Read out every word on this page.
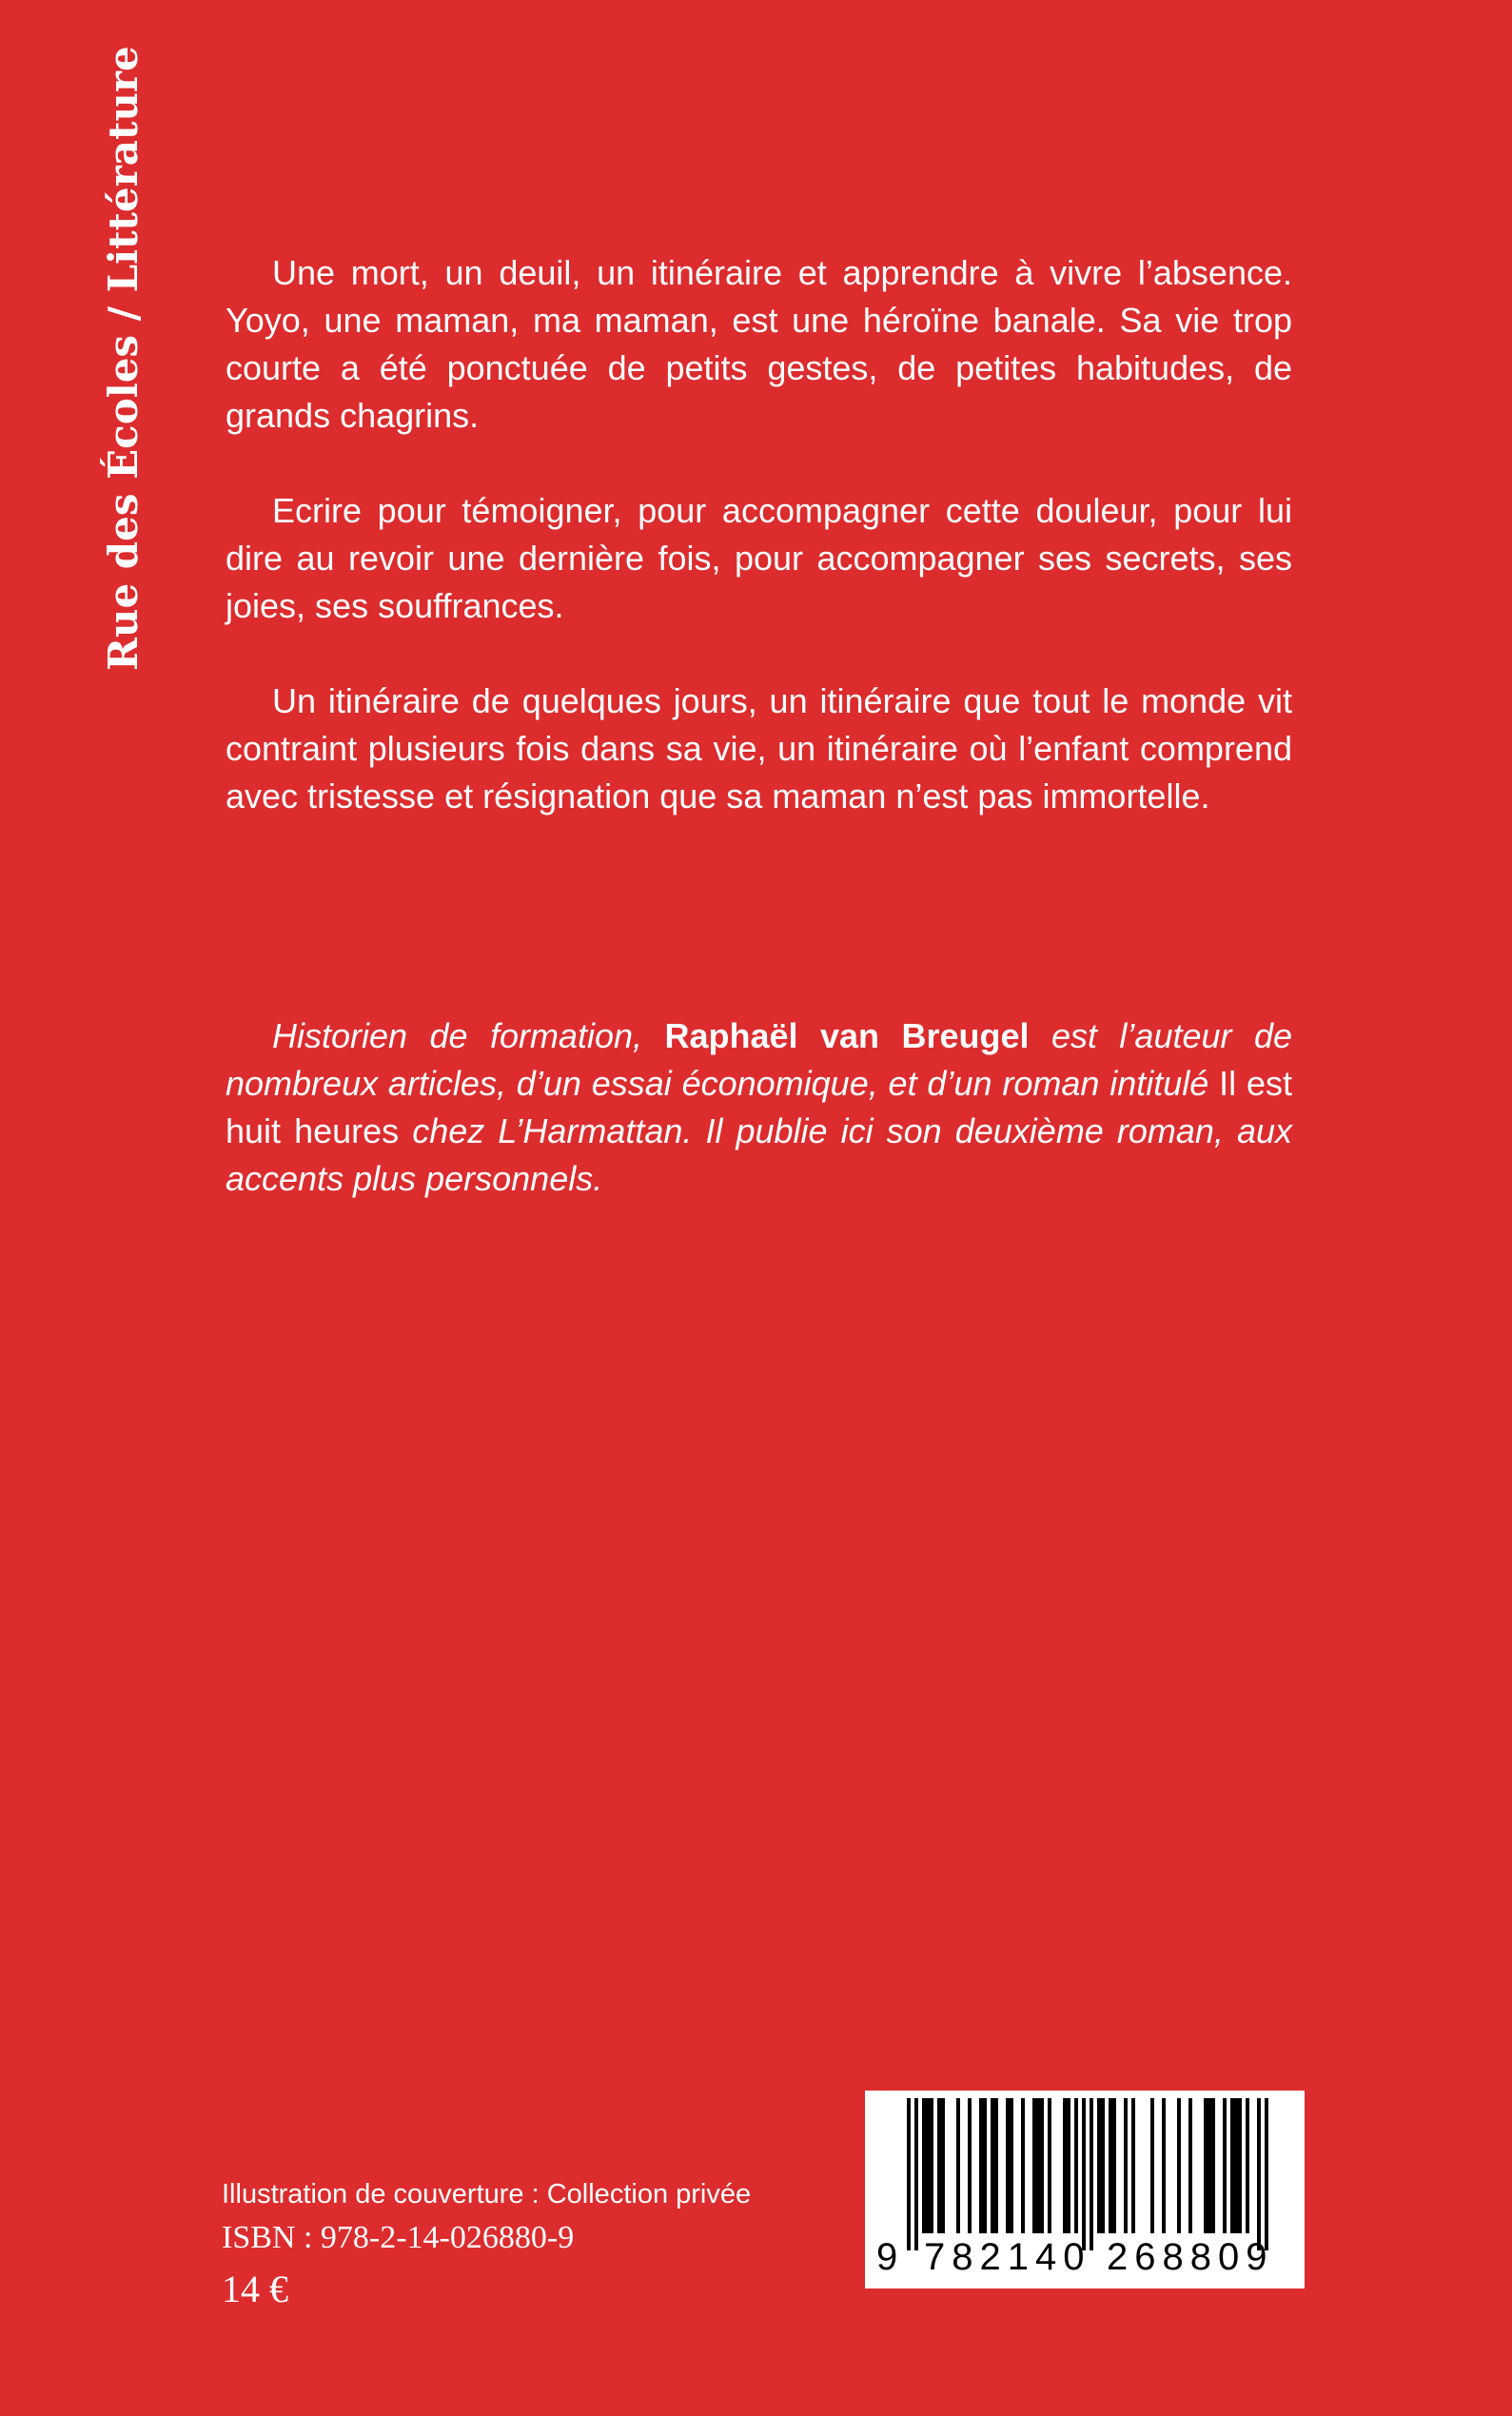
Rue des Écoles / Littérature	Une mort, un deuil, un itinéraire et apprendre à vivre l’absence. Yoyo, une maman, ma maman, est une héroïne banale. Sa vie trop courte a été ponctuée de petits gestes, de petites habitudes, de grands chagrins.

Ecrire pour témoigner, pour accompagner cette douleur, pour lui dire au revoir une dernière fois, pour accompagner ses secrets, ses joies, ses souffrances.

Un itinéraire de quelques jours, un itinéraire que tout le monde vit contraint plusieurs fois dans sa vie, un itinéraire où l’enfant comprend avec tristesse et résignation que sa maman n’est pas immortelle.

Historien de formation, Raphaël van Breugel est l’auteur de nombreux articles, d’un essai économique, et d’un roman intitulé Il est huit heures chez L’Harmattan. Il publie ici son deuxième roman, aux accents plus personnels.

Illustration de couverture : Collection privée
ISBN : 978-2-14-026880-9
14 €
9 782140 268809
